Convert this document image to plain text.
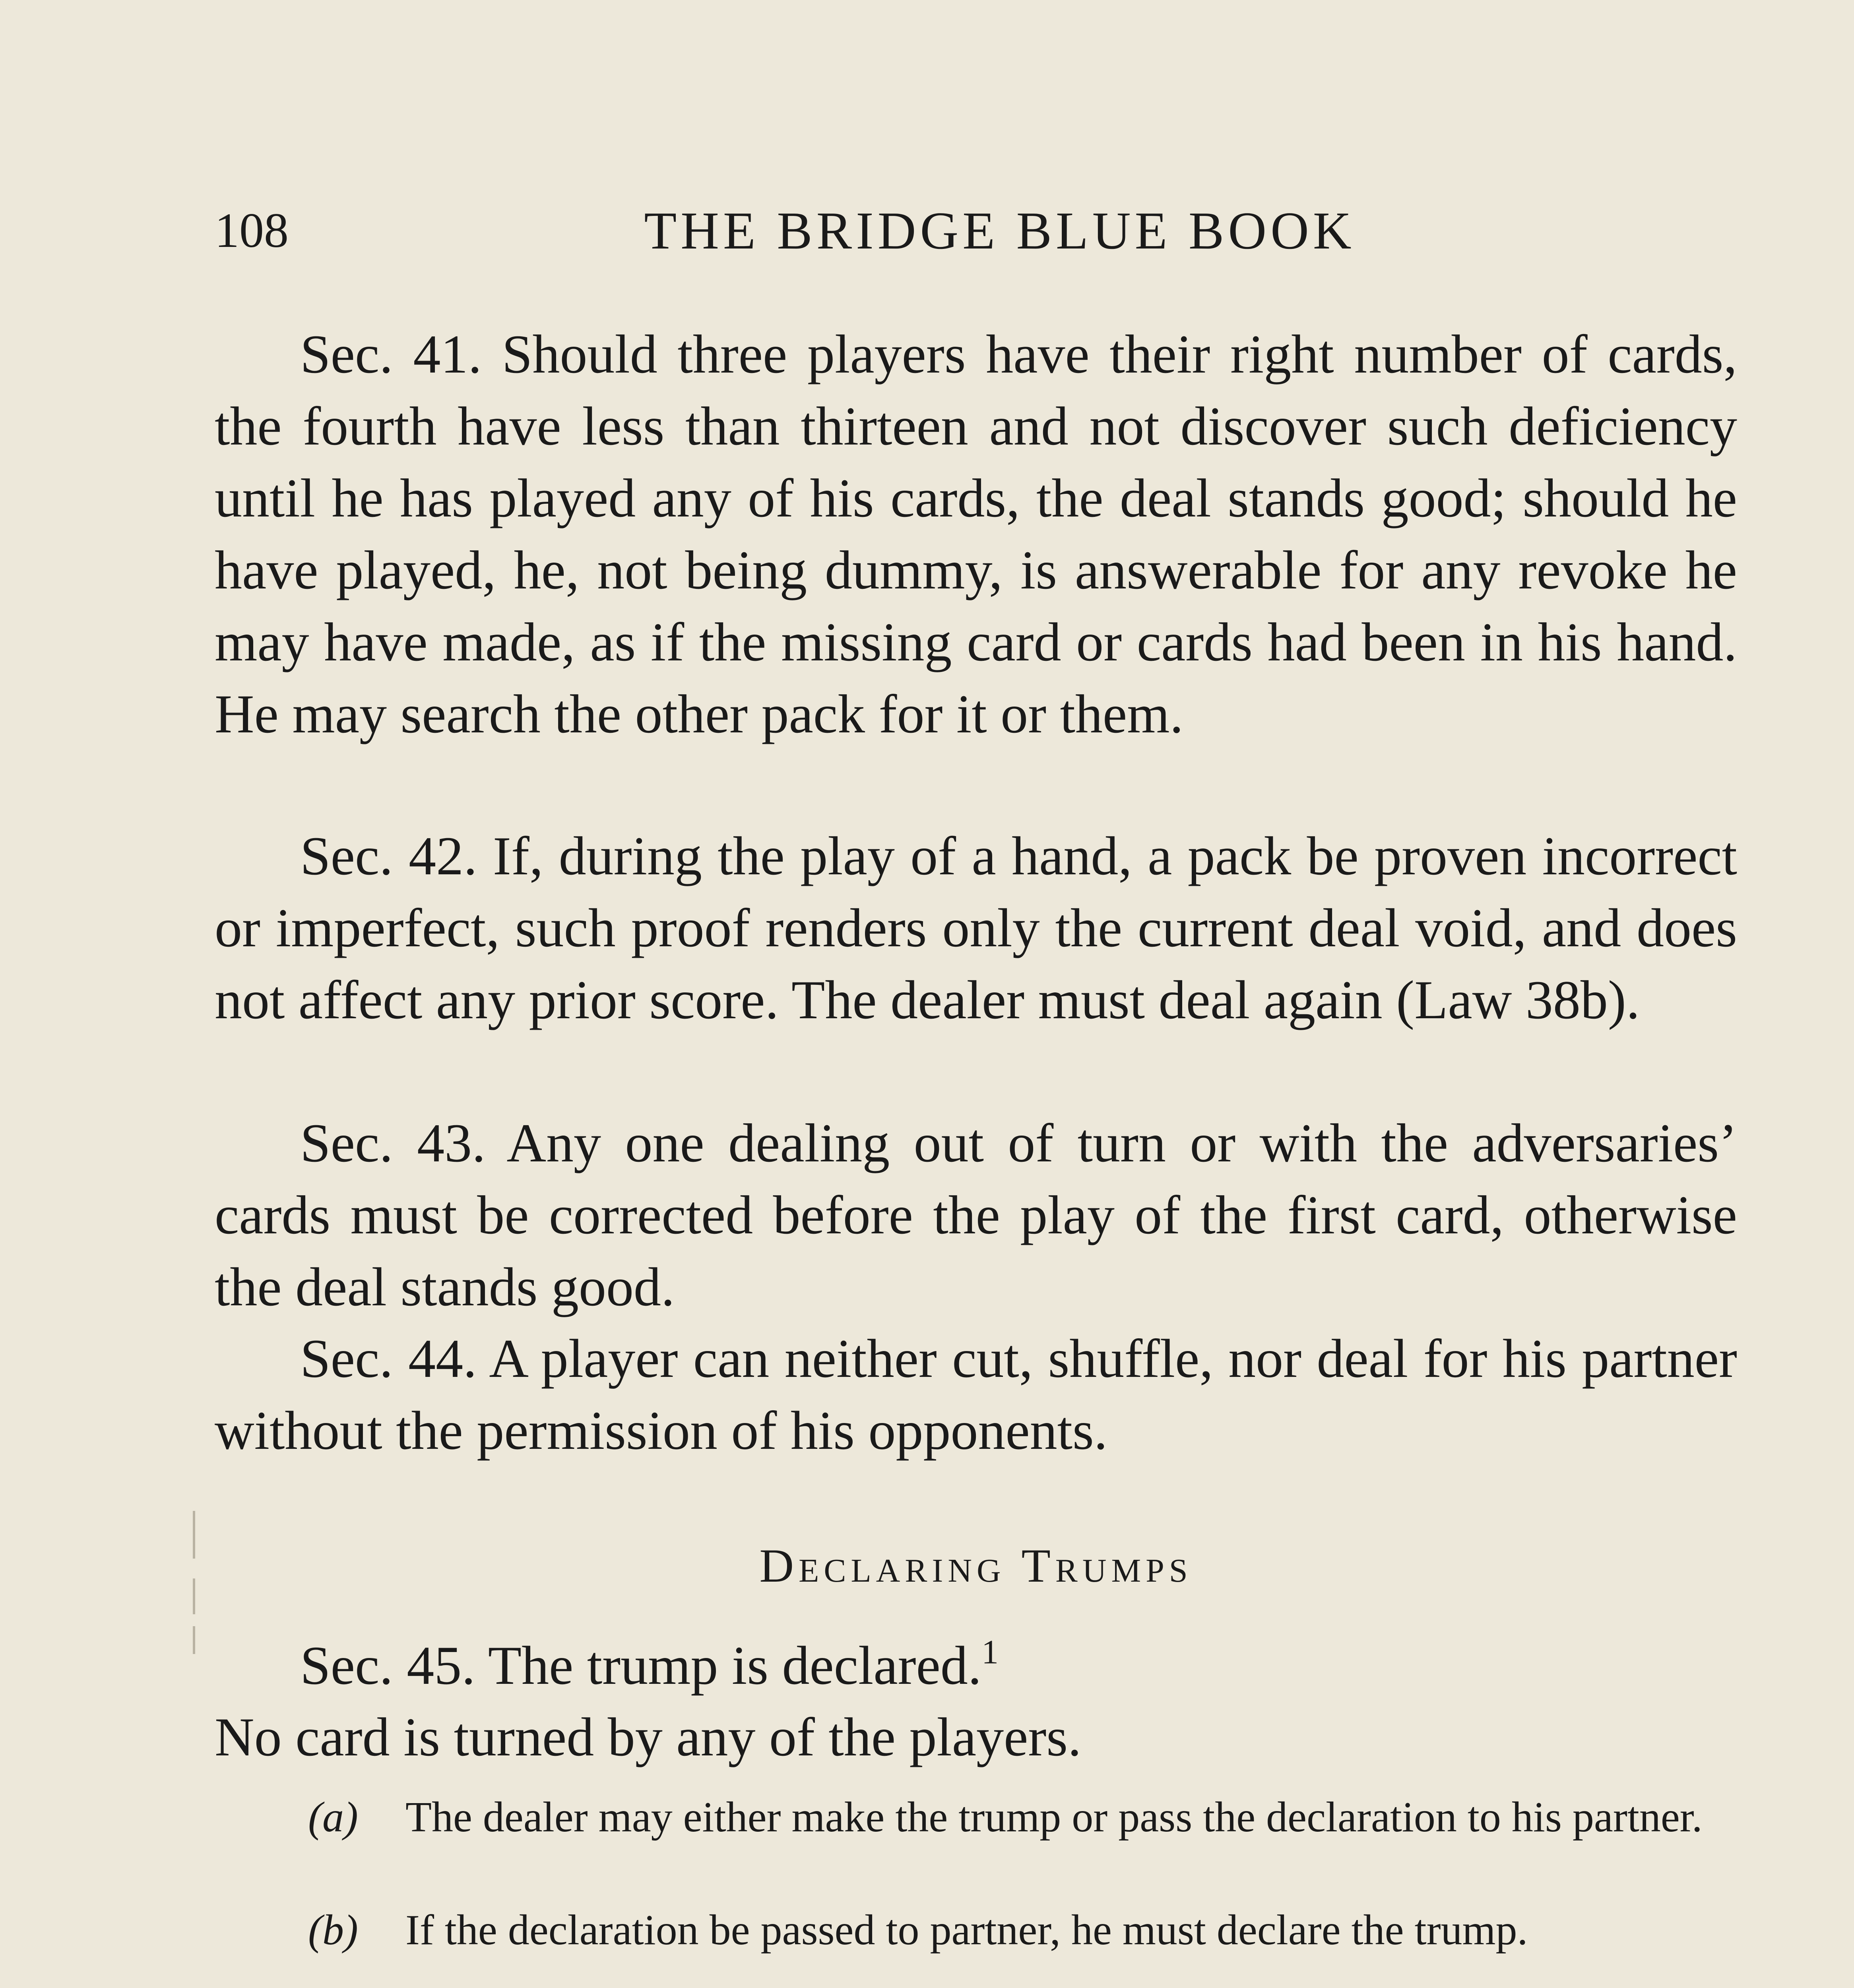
108	THE BRIDGE BLUE BOOK

Sec. 41. Should three players have their right number of cards, the fourth have less than thirteen and not discover such deficiency until he has played any of his cards, the deal stands good; should he have played, he, not being dummy, is answerable for any revoke he may have made, as if the missing card or cards had been in his hand. He may search the other pack for it or them.

Sec. 42. If, during the play of a hand, a pack be proven incorrect or imperfect, such proof renders only the current deal void, and does not affect any prior score. The dealer must deal again (Law 38b).

Sec. 43. Any one dealing out of turn or with the adversaries’ cards must be corrected before the play of the first card, otherwise the deal stands good.

Sec. 44. A player can neither cut, shuffle, nor deal for his partner without the permission of his opponents.

Declaring Trumps

Sec. 45. The trump is declared.$^1$

No card is turned by any of the players.

(a) The dealer may either make the trump or pass the declaration to his partner.
(b) If the declaration be passed to partner, he must declare the trump.
